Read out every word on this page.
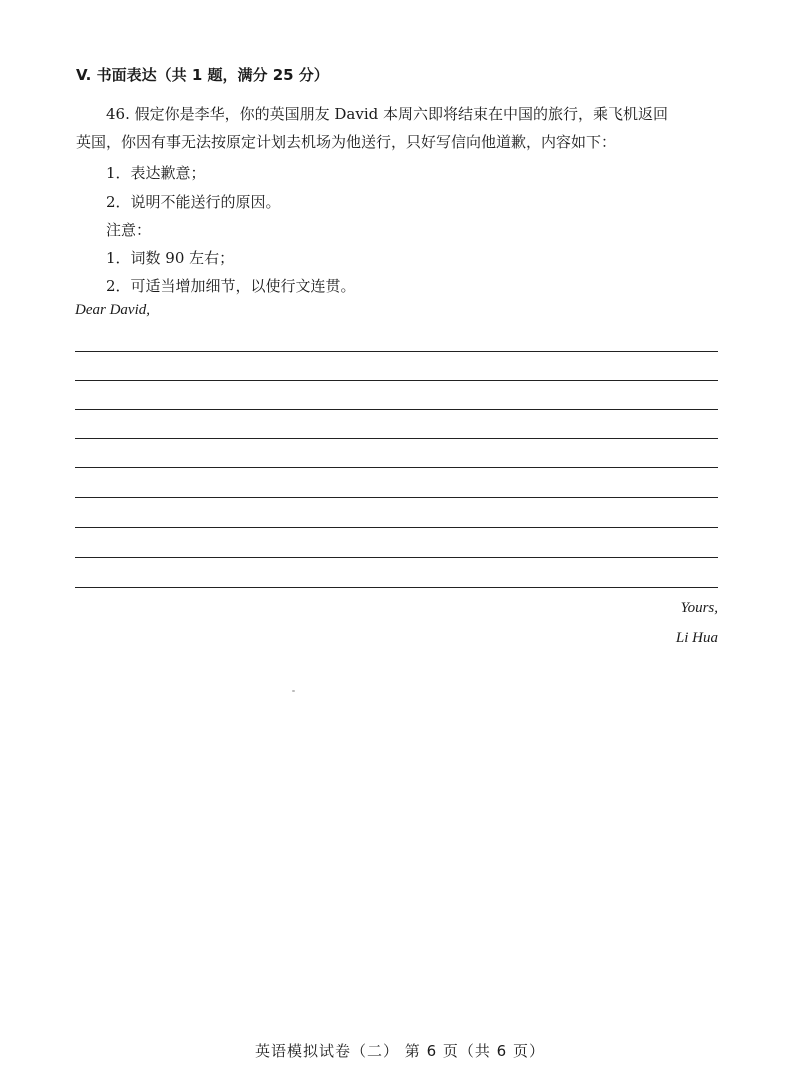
V. 书面表达（共 1 题，满分 25 分）
46. 假定你是李华，你的英国朋友 David 本周六即将结束在中国的旅行，乘飞机返回
英国，你因有事无法按原定计划去机场为他送行，只好写信向他道歉，内容如下：
1．表达歉意；
2．说明不能送行的原因。
注意：
1．词数 90 左右；
2．可适当增加细节，以使行文连贯。
Dear David,
Yours,
Li Hua
英语模拟试卷（二） 第 6 页（共 6 页）
